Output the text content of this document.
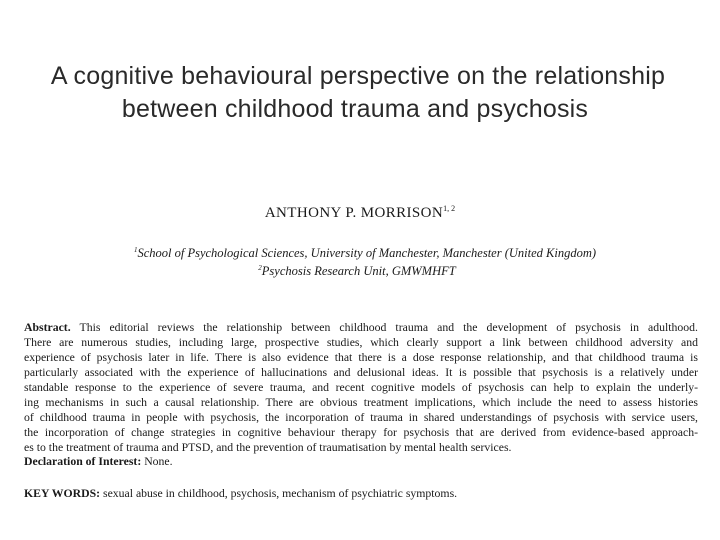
A cognitive behavioural perspective on the relationship
between childhood trauma and psychosis
ANTHONY P. MORRISON$^{1, 2}$
$^1$School of Psychological Sciences, University of Manchester, Manchester (United Kingdom)
$^2$Psychosis Research Unit, GMWMHFT
Abstract. This editorial reviews the relationship between childhood trauma and the development of psychosis in adulthood.
There are numerous studies, including large, prospective studies, which clearly support a link between childhood adversity and
experience of psychosis later in life. There is also evidence that there is a dose response relationship, and that childhood trauma is
particularly associated with the experience of hallucinations and delusional ideas. It is possible that psychosis is a relatively under
standable response to the experience of severe trauma, and recent cognitive models of psychosis can help to explain the underly-
ing mechanisms in such a causal relationship. There are obvious treatment implications, which include the need to assess histories
of childhood trauma in people with psychosis, the incorporation of trauma in shared understandings of psychosis with service users,
the incorporation of change strategies in cognitive behaviour therapy for psychosis that are derived from evidence-based approach-
es to the treatment of trauma and PTSD, and the prevention of traumatisation by mental health services.
Declaration of Interest: None.
KEY WORDS: sexual abuse in childhood, psychosis, mechanism of psychiatric symptoms.
